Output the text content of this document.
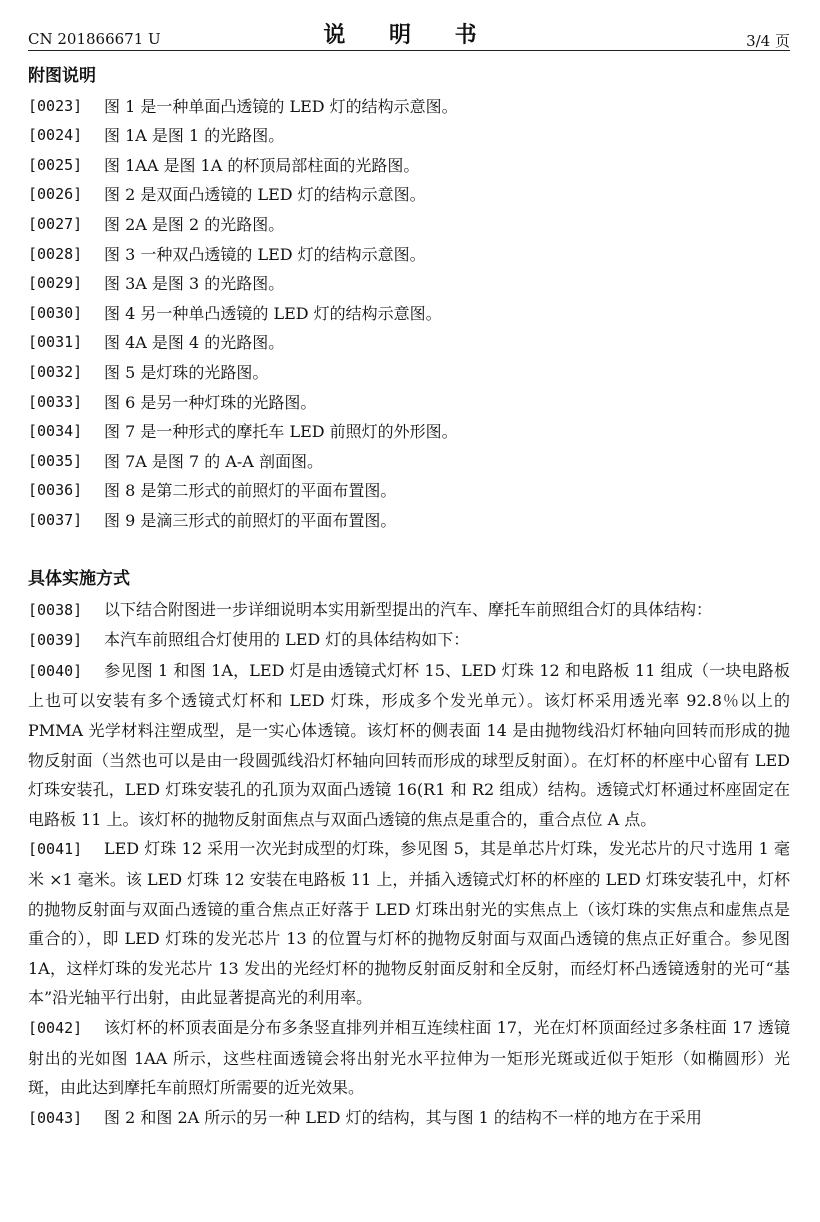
CN 201866671 U	说 明 书	3/4 页
附图说明
[0023]	图 1 是一种单面凸透镜的 LED 灯的结构示意图。
[0024]	图 1A 是图 1 的光路图。
[0025]	图 1AA 是图 1A 的杯顶局部柱面的光路图。
[0026]	图 2 是双面凸透镜的 LED 灯的结构示意图。
[0027]	图 2A 是图 2 的光路图。
[0028]	图 3 一种双凸透镜的 LED 灯的结构示意图。
[0029]	图 3A 是图 3 的光路图。
[0030]	图 4 另一种单凸透镜的 LED 灯的结构示意图。
[0031]	图 4A 是图 4 的光路图。
[0032]	图 5 是灯珠的光路图。
[0033]	图 6 是另一种灯珠的光路图。
[0034]	图 7 是一种形式的摩托车 LED 前照灯的外形图。
[0035]	图 7A 是图 7 的 A-A 剖面图。
[0036]	图 8 是第二形式的前照灯的平面布置图。
[0037]	图 9 是滴三形式的前照灯的平面布置图。
具体实施方式
[0038] 以下结合附图进一步详细说明本实用新型提出的汽车、摩托车前照组合灯的具体结构：
[0039] 本汽车前照组合灯使用的 LED 灯的具体结构如下：
[0040] 参见图 1 和图 1A，LED 灯是由透镜式灯杯 15、LED 灯珠 12 和电路板 11 组成（一块电路板上也可以安装有多个透镜式灯杯和 LED 灯珠，形成多个发光单元）。该灯杯采用透光率 92.8％以上的 PMMA 光学材料注塑成型，是一实心体透镜。该灯杯的侧表面 14 是由抛物线沿灯杯轴向回转而形成的抛物反射面（当然也可以是由一段圆弧线沿灯杯轴向回转而形成的球型反射面）。在灯杯的杯座中心留有 LED 灯珠安装孔，LED 灯珠安装孔的孔顶为双面凸透镜 16(R1 和 R2 组成）结构。透镜式灯杯通过杯座固定在电路板 11 上。该灯杯的抛物反射面焦点与双面凸透镜的焦点是重合的，重合点位 A 点。
[0041] LED 灯珠 12 采用一次光封成型的灯珠，参见图 5，其是单芯片灯珠，发光芯片的尺寸选用 1 毫米 ×1 毫米。该 LED 灯珠 12 安装在电路板 11 上，并插入透镜式灯杯的杯座的 LED 灯珠安装孔中，灯杯的抛物反射面与双面凸透镜的重合焦点正好落于 LED 灯珠出射光的实焦点上（该灯珠的实焦点和虚焦点是重合的），即 LED 灯珠的发光芯片 13 的位置与灯杯的抛物反射面与双面凸透镜的焦点正好重合。参见图 1A，这样灯珠的发光芯片 13 发出的光经灯杯的抛物反射面反射和全反射，而经灯杯凸透镜透射的光可“基本”沿光轴平行出射，由此显著提高光的利用率。
[0042] 该灯杯的杯顶表面是分布多条竖直排列并相互连续柱面 17，光在灯杯顶面经过多条柱面 17 透镜射出的光如图 1AA 所示，这些柱面透镜会将出射光水平拉伸为一矩形光斑或近似于矩形（如椭圆形）光斑，由此达到摩托车前照灯所需要的近光效果。
[0043] 图 2 和图 2A 所示的另一种 LED 灯的结构，其与图 1 的结构不一样的地方在于采用
